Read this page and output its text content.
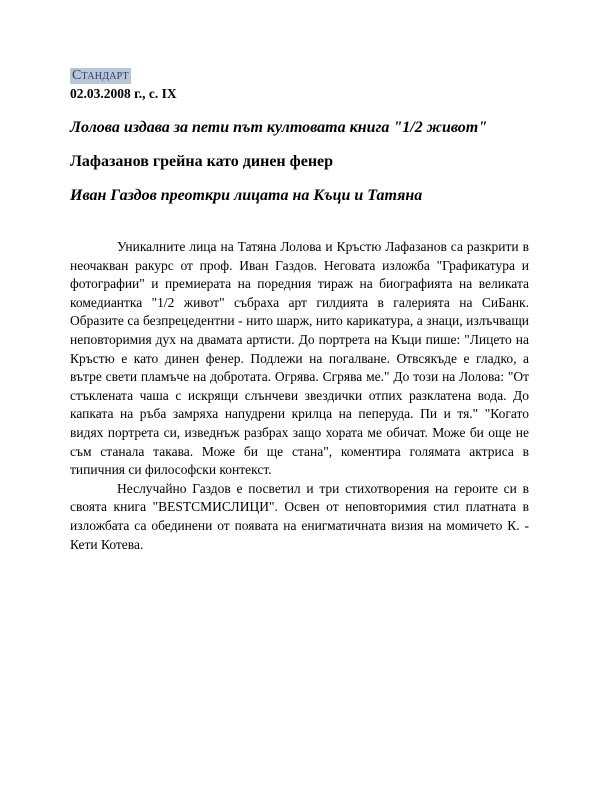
Стандарт
02.03.2008 г., с. IX
Лолова издава за пети път култовата книга "1/2 живот"
Лафазанов грейна като динен фенер
Иван Газдов преоткри лицата на Къци и Татяна

Уникалните лица на Татяна Лолова и Кръстю Лафазанов са разкрити в неочакван ракурс от проф. Иван Газдов. Неговата изложба "Графикатура и фотографии" и премиерата на поредния тираж на биографията на великата комедиантка "1/2 живот" събраха арт гилдията в галерията на СиБанк. Образите са безпрецедентни - нито шарж, нито карикатура, а знаци, излъчващи неповторимия дух на двамата артисти. До портрета на Къци пише: "Лицето на Кръстю е като динен фенер. Подлежи на погалване. Отвсякъде е гладко, а вътре свети пламъче на добротата. Огрява. Сгрява ме." До този на Лолова: "От стъклената чаша с искрящи слънчеви звездички отпих разклатена вода. До капката на ръба замряха напудрени крилца на пеперуда. Пи и тя." "Когато видях портрета си, изведнъж разбрах защо хората ме обичат. Може би още не съм станала такава. Може би ще стана", коментира голямата актриса в типичния си философски контекст.

Неслучайно Газдов е посветил и три стихотворения на героите си в своята книга "BESTСМИСЛИЦИ". Освен от неповторимия стил платната в изложбата са обединени от появата на енигматичната визия на момичето К. - Кети Котева.
